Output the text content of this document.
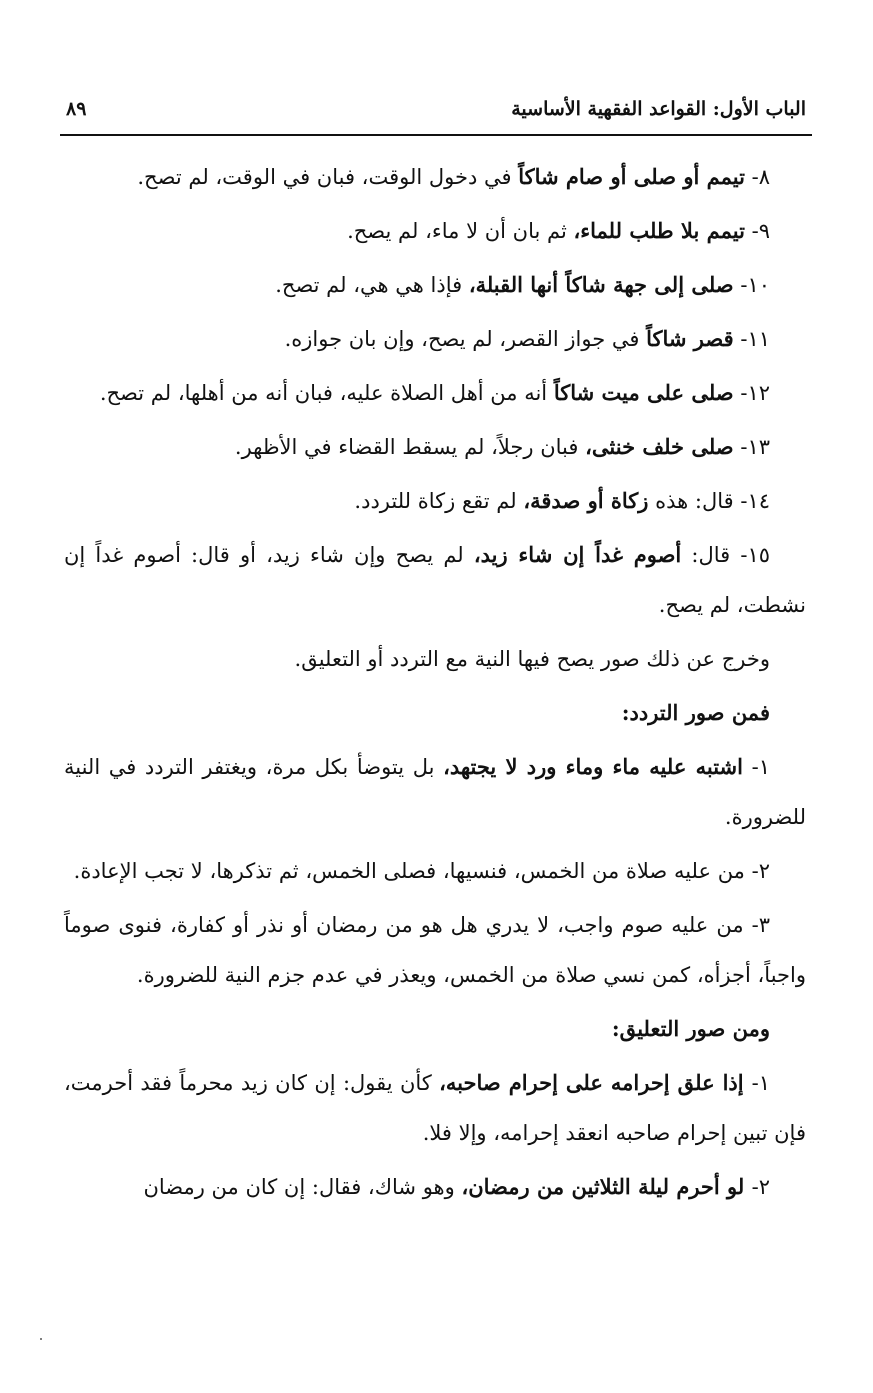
الباب الأول: القواعد الفقهية الأساسية
٨٩

٨- تيمم أو صلى أو صام شاكاً في دخول الوقت، فبان في الوقت، لم تصح.

٩- تيمم بلا طلب للماء، ثم بان أن لا ماء، لم يصح.

١٠- صلى إلى جهة شاكاً أنها القبلة، فإذا هي هي، لم تصح.

١١- قصر شاكاً في جواز القصر، لم يصح، وإن بان جوازه.

١٢- صلى على ميت شاكاً أنه من أهل الصلاة عليه، فبان أنه من أهلها، لم تصح.

١٣- صلى خلف خنثى، فبان رجلاً، لم يسقط القضاء في الأظهر.

١٤- قال: هذه زكاة أو صدقة، لم تقع زكاة للتردد.

١٥- قال: أصوم غداً إن شاء زيد، لم يصح وإن شاء زيد، أو قال: أصوم غداً إن نشطت، لم يصح.

وخرج عن ذلك صور يصح فيها النية مع التردد أو التعليق.

فمن صور التردد:

١- اشتبه عليه ماء وماء ورد لا يجتهد، بل يتوضأ بكل مرة، ويغتفر التردد في النية للضرورة.

٢- من عليه صلاة من الخمس، فنسيها، فصلى الخمس، ثم تذكرها، لا تجب الإعادة.

٣- من عليه صوم واجب، لا يدري هل هو من رمضان أو نذر أو كفارة، فنوى صوماً واجباً، أجزأه، كمن نسي صلاة من الخمس، ويعذر في عدم جزم النية للضرورة.

ومن صور التعليق:

١- إذا علق إحرامه على إحرام صاحبه، كأن يقول: إن كان زيد محرماً فقد أحرمت، فإن تبين إحرام صاحبه انعقد إحرامه، وإلا فلا.

٢- لو أحرم ليلة الثلاثين من رمضان، وهو شاك، فقال: إن كان من رمضان
